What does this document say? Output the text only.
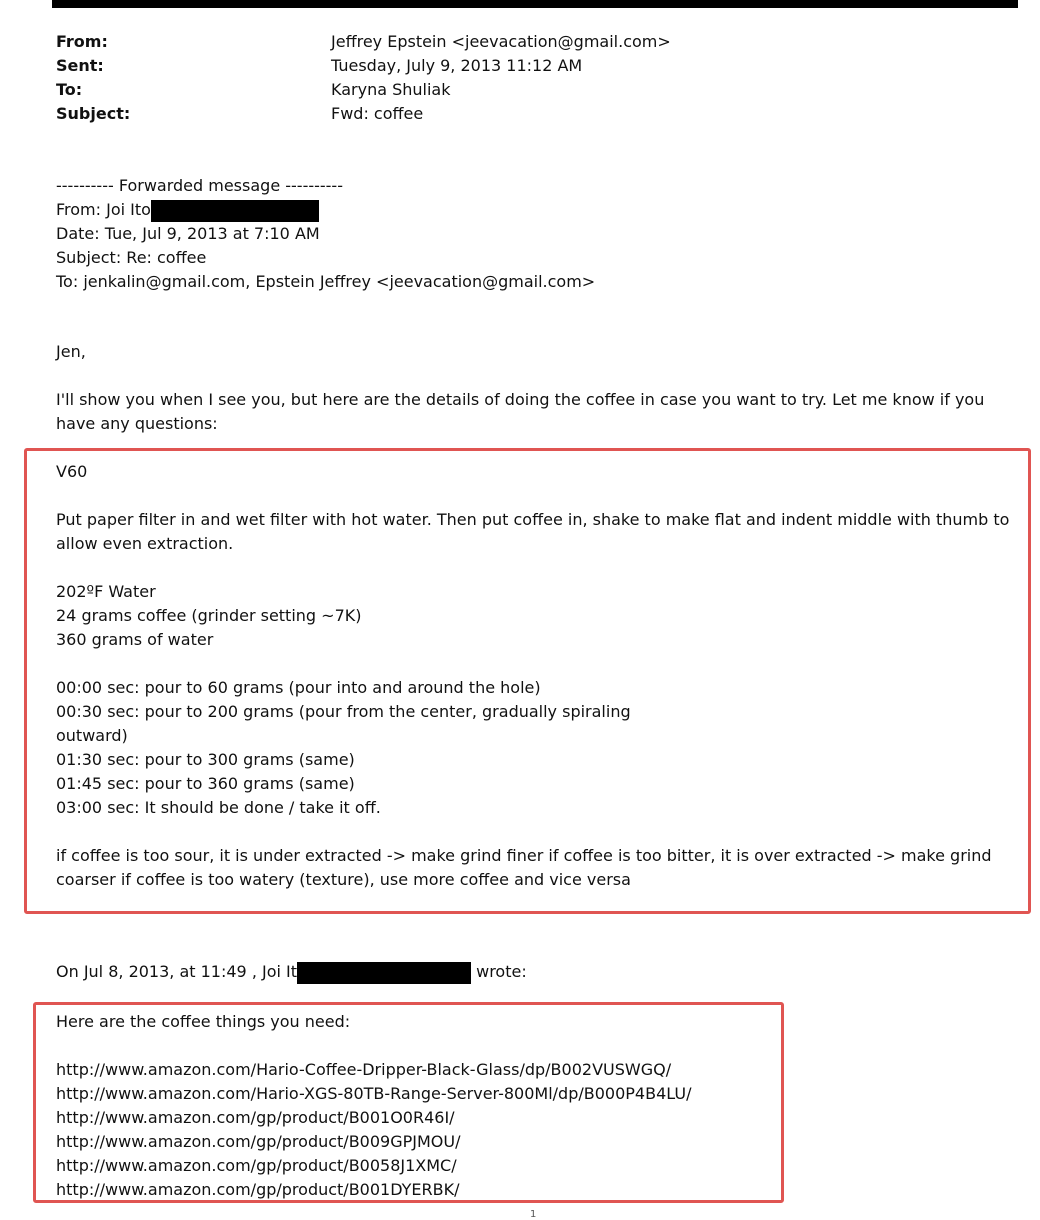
From:	Jeffrey Epstein <jeevacation@gmail.com>
Sent:	Tuesday, July 9, 2013 11:12 AM
To:	Karyna Shuliak
Subject:	Fwd: coffee
---------- Forwarded message ----------
From: Joi Ito
Date: Tue, Jul 9, 2013 at 7:10 AM
Subject: Re: coffee
To: jenkalin@gmail.com, Epstein Jeffrey <jeevacation@gmail.com>
Jen,
I'll show you when I see you, but here are the details of doing the coffee in case you want to try. Let me know if you
have any questions:
V60
Put paper filter in and wet filter with hot water. Then put coffee in, shake to make flat and indent middle with thumb to
allow even extraction.
202ºF Water
24 grams coffee (grinder setting ~7K)
360 grams of water
00:00 sec: pour to 60 grams (pour into and around the hole)
00:30 sec: pour to 200 grams (pour from the center, gradually spiraling
outward)
01:30 sec: pour to 300 grams (same)
01:45 sec: pour to 360 grams (same)
03:00 sec: It should be done / take it off.
if coffee is too sour, it is under extracted -> make grind finer if coffee is too bitter, it is over extracted -> make grind
coarser if coffee is too watery (texture), use more coffee and vice versa
On Jul 8, 2013, at 11:49 , Joi It	wrote:
Here are the coffee things you need:
http://www.amazon.com/Hario-Coffee-Dripper-Black-Glass/dp/B002VUSWGQ/
http://www.amazon.com/Hario-XGS-80TB-Range-Server-800Ml/dp/B000P4B4LU/
http://www.amazon.com/gp/product/B001O0R46I/
http://www.amazon.com/gp/product/B009GPJMOU/
http://www.amazon.com/gp/product/B0058J1XMC/
http://www.amazon.com/gp/product/B001DYERBK/
1
